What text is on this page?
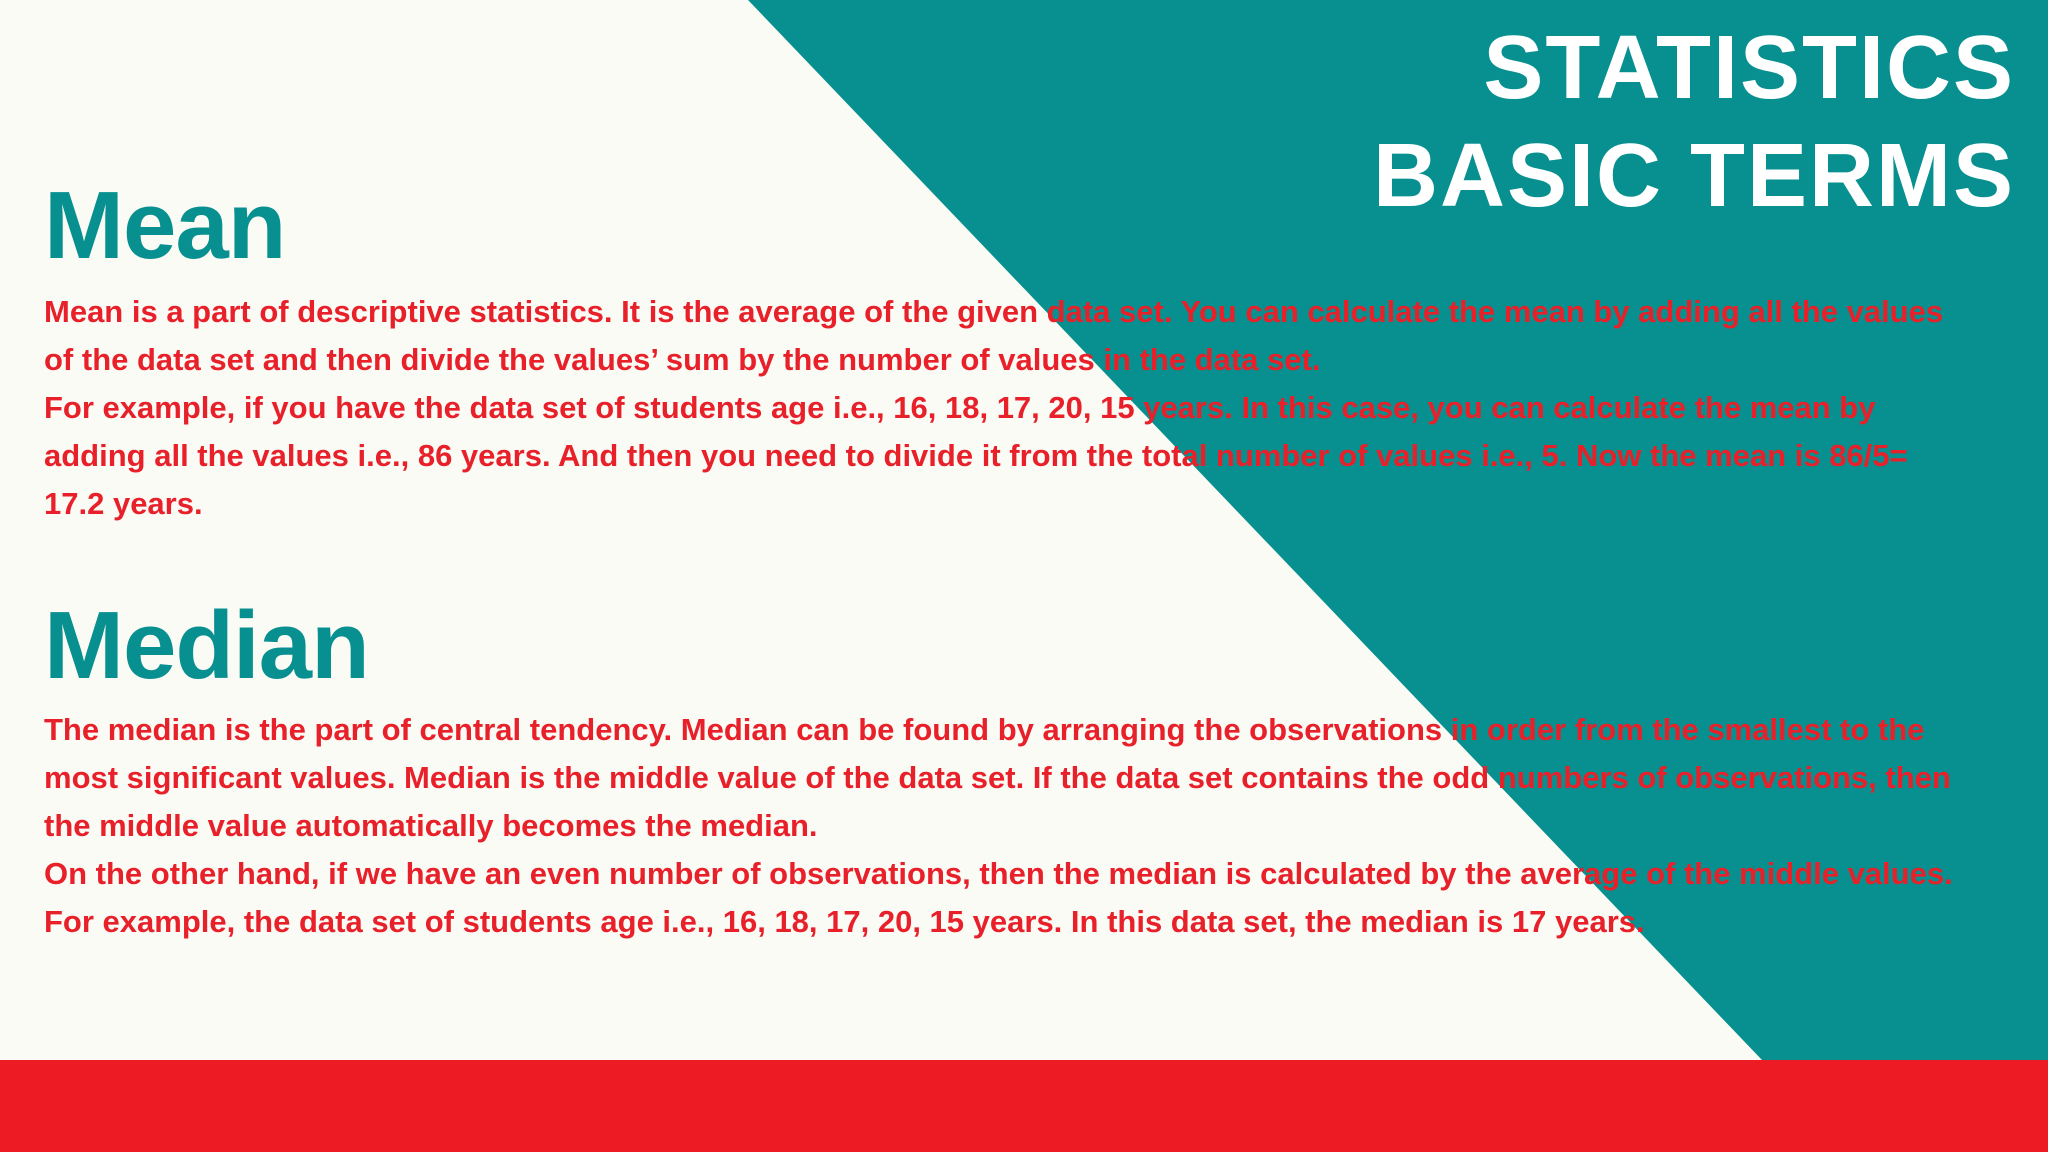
STATISTICS
BASIC TERMS
Mean

Mean is a part of descriptive statistics. It is the average of the given data set. You can calculate the mean by adding all the values of the data set and then divide the values’ sum by the number of values in the data set.

For example, if you have the data set of students age i.e., 16, 18, 17, 20, 15 years. In this case, you can calculate the mean by adding all the values i.e., 86 years. And then you need to divide it from the total number of values i.e., 5. Now the mean is 86/5= 17.2 years.

Median

The median is the part of central tendency. Median can be found by arranging the observations in order from the smallest to the most significant values. Median is the middle value of the data set. If the data set contains the odd numbers of observations, then the middle value automatically becomes the median.

On the other hand, if we have an even number of observations, then the median is calculated by the average of the middle values. For example, the data set of students age i.e., 16, 18, 17, 20, 15 years. In this data set, the median is 17 years.
